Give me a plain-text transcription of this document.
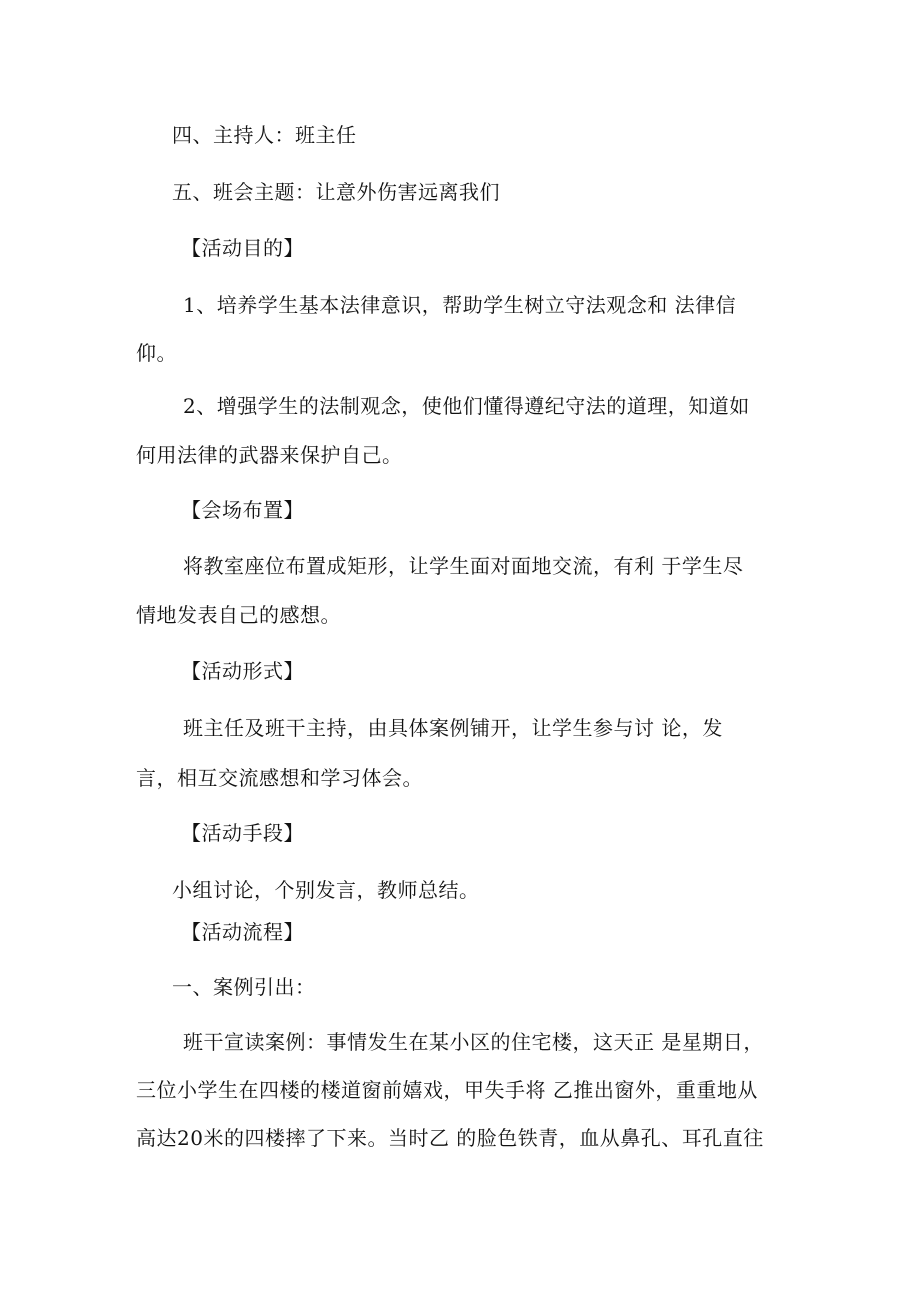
四、主持人：班主任
五、班会主题：让意外伤害远离我们
【活动目的】
1、培养学生基本法律意识，帮助学生树立守法观念和 法律信
仰。
2、增强学生的法制观念，使他们懂得遵纪守法的道理，知道如
何用法律的武器来保护自己。
【会场布置】
将教室座位布置成矩形，让学生面对面地交流，有利 于学生尽
情地发表自己的感想。
【活动形式】
班主任及班干主持，由具体案例铺开，让学生参与讨 论，发
言，相互交流感想和学习体会。
【活动手段】
小组讨论，个别发言，教师总结。
【活动流程】
一、案例引出：
班干宣读案例：事情发生在某小区的住宅楼，这天正 是星期日，
三位小学生在四楼的楼道窗前嬉戏，甲失手将 乙推出窗外，重重地从
高达20米的四楼摔了下来。当时乙 的脸色铁青，血从鼻孔、耳孔直往
